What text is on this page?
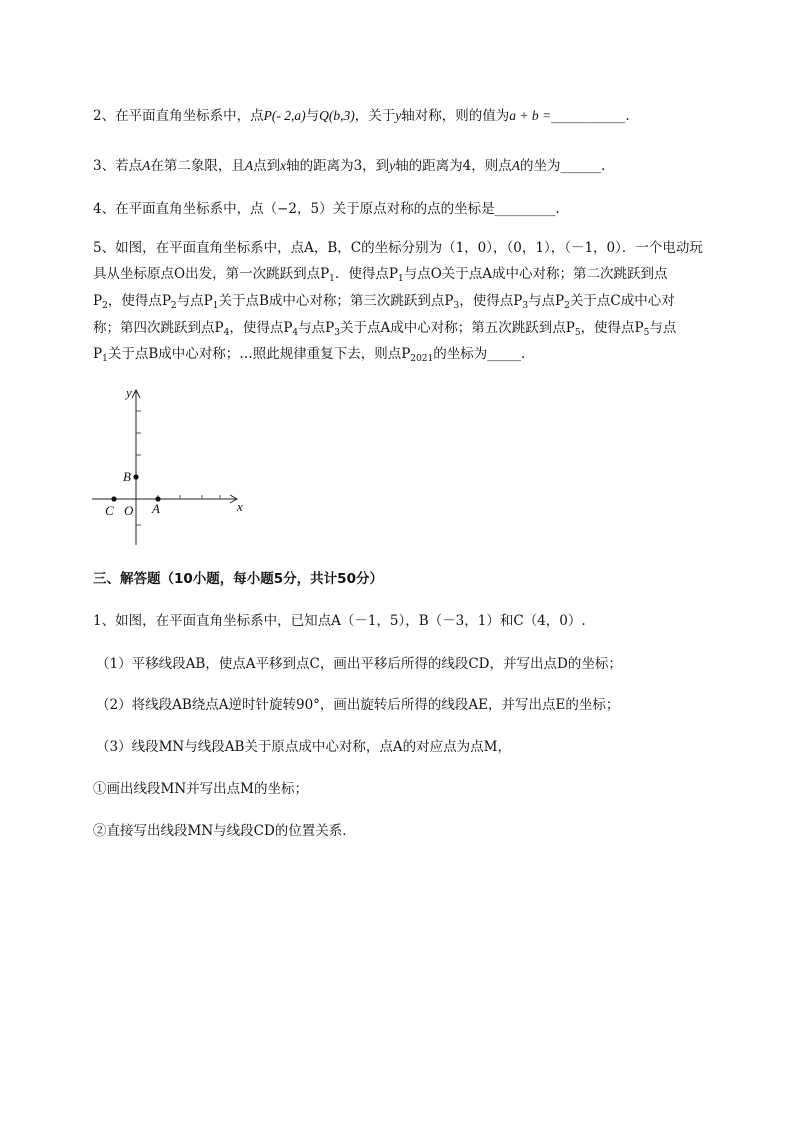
2、在平面直角坐标系中，点P(- 2,a)与Q(b,3)，关于y轴对称，则的值为a + b =___________.
3、若点A在第二象限，且A点到x轴的距离为3，到y轴的距离为4，则点A的坐为______.
4、在平面直角坐标系中，点（−2，5）关于原点对称的点的坐标是_________.
5、如图，在平面直角坐标系中，点A，B，C的坐标分别为（1，0），（0，1），（－1，0）．一个电动玩
具从坐标原点O出发，第一次跳跃到点$P_1$．使得点$P_1$与点O关于点A成中心对称；第二次跳跃到点
$P_2$，使得点$P_2$与点$P_1$关于点B成中心对称；第三次跳跃到点$P_3$，使得点$P_3$与点$P_2$关于点C成中心对
称；第四次跳跃到点$P_4$，使得点$P_4$与点$P_3$关于点A成中心对称；第五次跳跃到点$P_5$，使得点$P_5$与点
$P_1$关于点B成中心对称；…照此规律重复下去，则点$P_{2021}$的坐标为_____.
y
x
B
C O A
三、解答题（10小题，每小题5分，共计50分）
1、如图，在平面直角坐标系中，已知点A（－1，5），B（－3，1）和C（4，0）.
（1）平移线段AB，使点A平移到点C，画出平移后所得的线段CD，并写出点D的坐标；
（2）将线段AB绕点A逆时针旋转90°，画出旋转后所得的线段AE，并写出点E的坐标；
（3）线段MN与线段AB关于原点成中心对称，点A的对应点为点M，
①画出线段MN并写出点M的坐标；
②直接写出线段MN与线段CD的位置关系．
